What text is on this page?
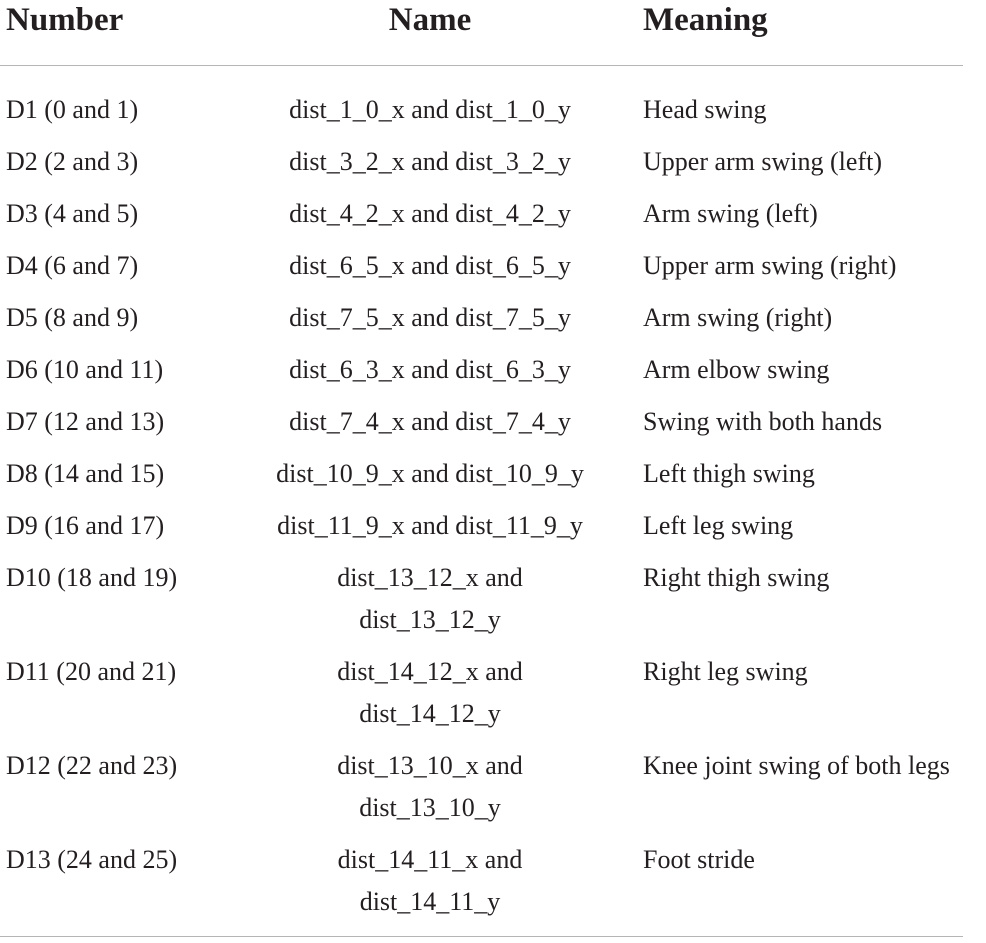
Number	Name	Meaning
D1 (0 and 1)	dist_1_0_x and dist_1_0_y	Head swing
D2 (2 and 3)	dist_3_2_x and dist_3_2_y	Upper arm swing (left)
D3 (4 and 5)	dist_4_2_x and dist_4_2_y	Arm swing (left)
D4 (6 and 7)	dist_6_5_x and dist_6_5_y	Upper arm swing (right)
D5 (8 and 9)	dist_7_5_x and dist_7_5_y	Arm swing (right)
D6 (10 and 11)	dist_6_3_x and dist_6_3_y	Arm elbow swing
D7 (12 and 13)	dist_7_4_x and dist_7_4_y	Swing with both hands
D8 (14 and 15)	dist_10_9_x and dist_10_9_y	Left thigh swing
D9 (16 and 17)	dist_11_9_x and dist_11_9_y	Left leg swing
D10 (18 and 19)	dist_13_12_x and dist_13_12_y	Right thigh swing
D11 (20 and 21)	dist_14_12_x and dist_14_12_y	Right leg swing
D12 (22 and 23)	dist_13_10_x and dist_13_10_y	Knee joint swing of both legs
D13 (24 and 25)	dist_14_11_x and dist_14_11_y	Foot stride
